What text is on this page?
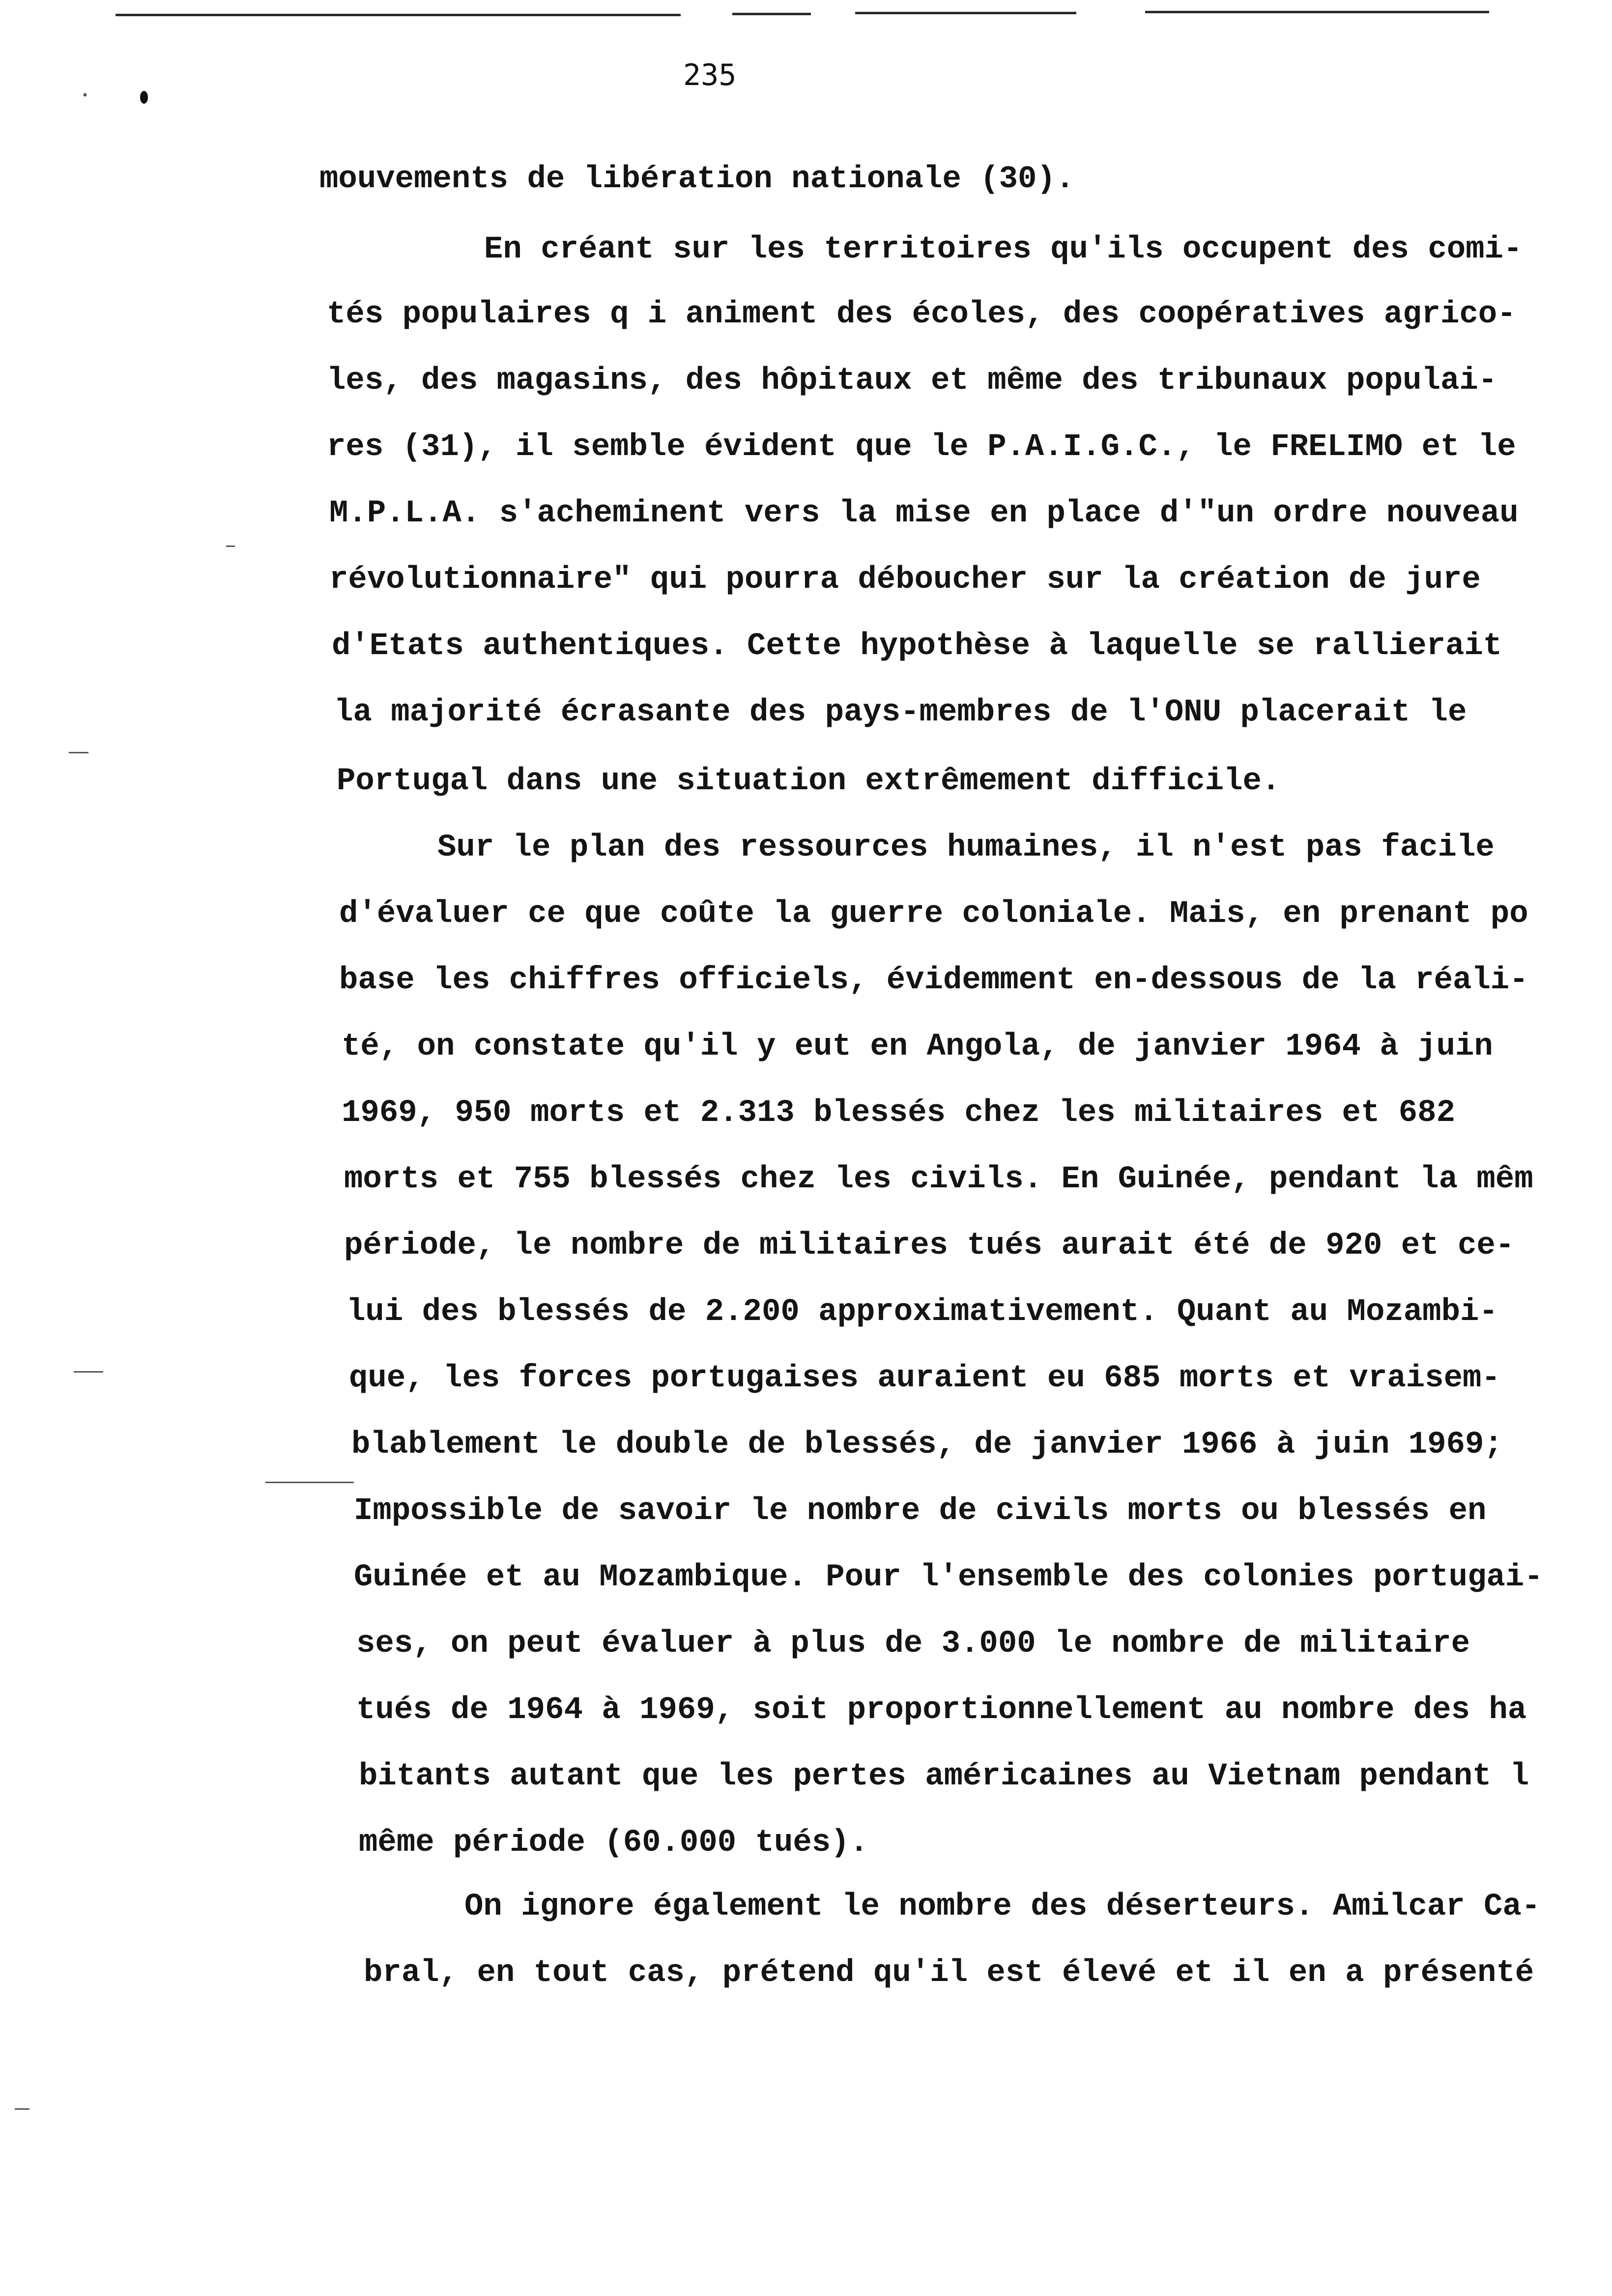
235
mouvements de libération nationale (30).
En créant sur les territoires qu'ils occupent des comi-
tés populaires q i animent des écoles, des coopératives agrico-
les, des magasins, des hôpitaux et même des tribunaux populai-
res (31), il semble évident que le P.A.I.G.C., le FRELIMO et le
M.P.L.A. s'acheminent vers la mise en place d'"un ordre nouveau
révolutionnaire" qui pourra déboucher sur la création de jure
d'Etats authentiques. Cette hypothèse à laquelle se rallierait
la majorité écrasante des pays-membres de l'ONU placerait le
Portugal dans une situation extrêmement difficile.
Sur le plan des ressources humaines, il n'est pas facile
d'évaluer ce que coûte la guerre coloniale. Mais, en prenant po
base les chiffres officiels, évidemment en-dessous de la réali-
té, on constate qu'il y eut en Angola, de janvier 1964 à juin
1969, 950 morts et 2.313 blessés chez les militaires et 682
morts et 755 blessés chez les civils. En Guinée, pendant la mêm
période, le nombre de militaires tués aurait été de 920 et ce-
lui des blessés de 2.200 approximativement. Quant au Mozambi-
que, les forces portugaises auraient eu 685 morts et vraisem-
blablement le double de blessés, de janvier 1966 à juin 1969;
Impossible de savoir le nombre de civils morts ou blessés en
Guinée et au Mozambique. Pour l'ensemble des colonies portugai-
ses, on peut évaluer à plus de 3.000 le nombre de militaire
tués de 1964 à 1969, soit proportionnellement au nombre des ha
bitants autant que les pertes américaines au Vietnam pendant l
même période (60.000 tués).
On ignore également le nombre des déserteurs. Amilcar Ca-
bral, en tout cas, prétend qu'il est élevé et il en a présenté
